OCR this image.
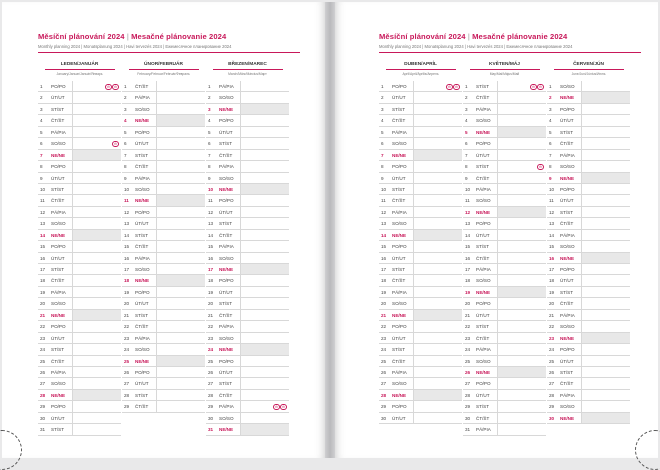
Měsíční plánování 2024 | Mesačné plánovanie 2024
Monthly planning 2024 | Monatsplanung 2024 | Havi tervezés 2024 | Ежемесячное планирование 2024
LEDEN/JANUÁR
January/Januar/Január/Январь
1	PO/PO	⊖
⊖
2	ÚT/UT
3	ST/ST
4	ČT/ŠT
5	PÁ/PIA
6	SO/SO	⊖
7	NE/NE
8	PO/PO
9	ÚT/UT
10	ST/ST
11	ČT/ŠT
12	PÁ/PIA
13	SO/SO
14	NE/NE
15	PO/PO
16	ÚT/UT
17	ST/ST
18	ČT/ŠT
19	PÁ/PIA
20	SO/SO
21	NE/NE
22	PO/PO
23	ÚT/UT
24	ST/ST
25	ČT/ŠT
26	PÁ/PIA
27	SO/SO
28	NE/NE
29	PO/PO
30	ÚT/UT
31	ST/ST
ÚNOR/FEBRUÁR
February/Februar/Február/Февраль
1	ČT/ŠT
2	PÁ/PIA
3	SO/SO
4	NE/NE
5	PO/PO
6	ÚT/UT
7	ST/ST
8	ČT/ŠT
9	PÁ/PIA
10	SO/SO
11	NE/NE
12	PO/PO
13	ÚT/UT
14	ST/ST
15	ČT/ŠT
16	PÁ/PIA
17	SO/SO
18	NE/NE
19	PO/PO
20	ÚT/UT
21	ST/ST
22	ČT/ŠT
23	PÁ/PIA
24	SO/SO
25	NE/NE
26	PO/PO
27	ÚT/UT
28	ST/ST
29	ČT/ŠT
BŘEZEN/MAREC
March/März/Március/Март
1	PÁ/PIA
2	SO/SO
3	NE/NE
4	PO/PO
5	ÚT/UT
6	ST/ST
7	ČT/ŠT
8	PÁ/PIA
9	SO/SO
10	NE/NE
11	PO/PO
12	ÚT/UT
13	ST/ST
14	ČT/ŠT
15	PÁ/PIA
16	SO/SO
17	NE/NE
18	PO/PO
19	ÚT/UT
20	ST/ST
21	ČT/ŠT
22	PÁ/PIA
23	SO/SO
24	NE/NE
25	PO/PO
26	ÚT/UT
27	ST/ST
28	ČT/ŠT
29	PÁ/PIA	⊖
⊖
30	SO/SO
31	NE/NE
Měsíční plánování 2024 | Mesačné plánovanie 2024
Monthly planning 2024 | Monatsplanung 2024 | Havi tervezés 2024 | Ежемесячное планирование 2024
DUBEN/APRÍL
April/April/Április/Апрель
1	PO/PO	⊖
⊖
2	ÚT/UT
3	ST/ST
4	ČT/ŠT
5	PÁ/PIA
6	SO/SO
7	NE/NE
8	PO/PO
9	ÚT/UT
10	ST/ST
11	ČT/ŠT
12	PÁ/PIA
13	SO/SO
14	NE/NE
15	PO/PO
16	ÚT/UT
17	ST/ST
18	ČT/ŠT
19	PÁ/PIA
20	SO/SO
21	NE/NE
22	PO/PO
23	ÚT/UT
24	ST/ST
25	ČT/ŠT
26	PÁ/PIA
27	SO/SO
28	NE/NE
29	PO/PO
30	ÚT/UT
KVĚTEN/MÁJ
May/Mai/Május/Май
1	ST/ST	⊖
⊖
2	ČT/ŠT
3	PÁ/PIA
4	SO/SO
5	NE/NE
6	PO/PO
7	ÚT/UT
8	ST/ST	⊖
9	ČT/ŠT
10	PÁ/PIA
11	SO/SO
12	NE/NE
13	PO/PO
14	ÚT/UT
15	ST/ST
16	ČT/ŠT
17	PÁ/PIA
18	SO/SO
19	NE/NE
20	PO/PO
21	ÚT/UT
22	ST/ST
23	ČT/ŠT
24	PÁ/PIA
25	SO/SO
26	NE/NE
27	PO/PO
28	ÚT/UT
29	ST/ST
30	ČT/ŠT
31	PÁ/PIA
ČERVEN/JÚN
June/Juni/Június/Июнь
1	SO/SO
2	NE/NE
3	PO/PO
4	ÚT/UT
5	ST/ST
6	ČT/ŠT
7	PÁ/PIA
8	SO/SO
9	NE/NE
10	PO/PO
11	ÚT/UT
12	ST/ST
13	ČT/ŠT
14	PÁ/PIA
15	SO/SO
16	NE/NE
17	PO/PO
18	ÚT/UT
19	ST/ST
20	ČT/ŠT
21	PÁ/PIA
22	SO/SO
23	NE/NE
24	PO/PO
25	ÚT/UT
26	ST/ST
27	ČT/ŠT
28	PÁ/PIA
29	SO/SO
30	NE/NE
